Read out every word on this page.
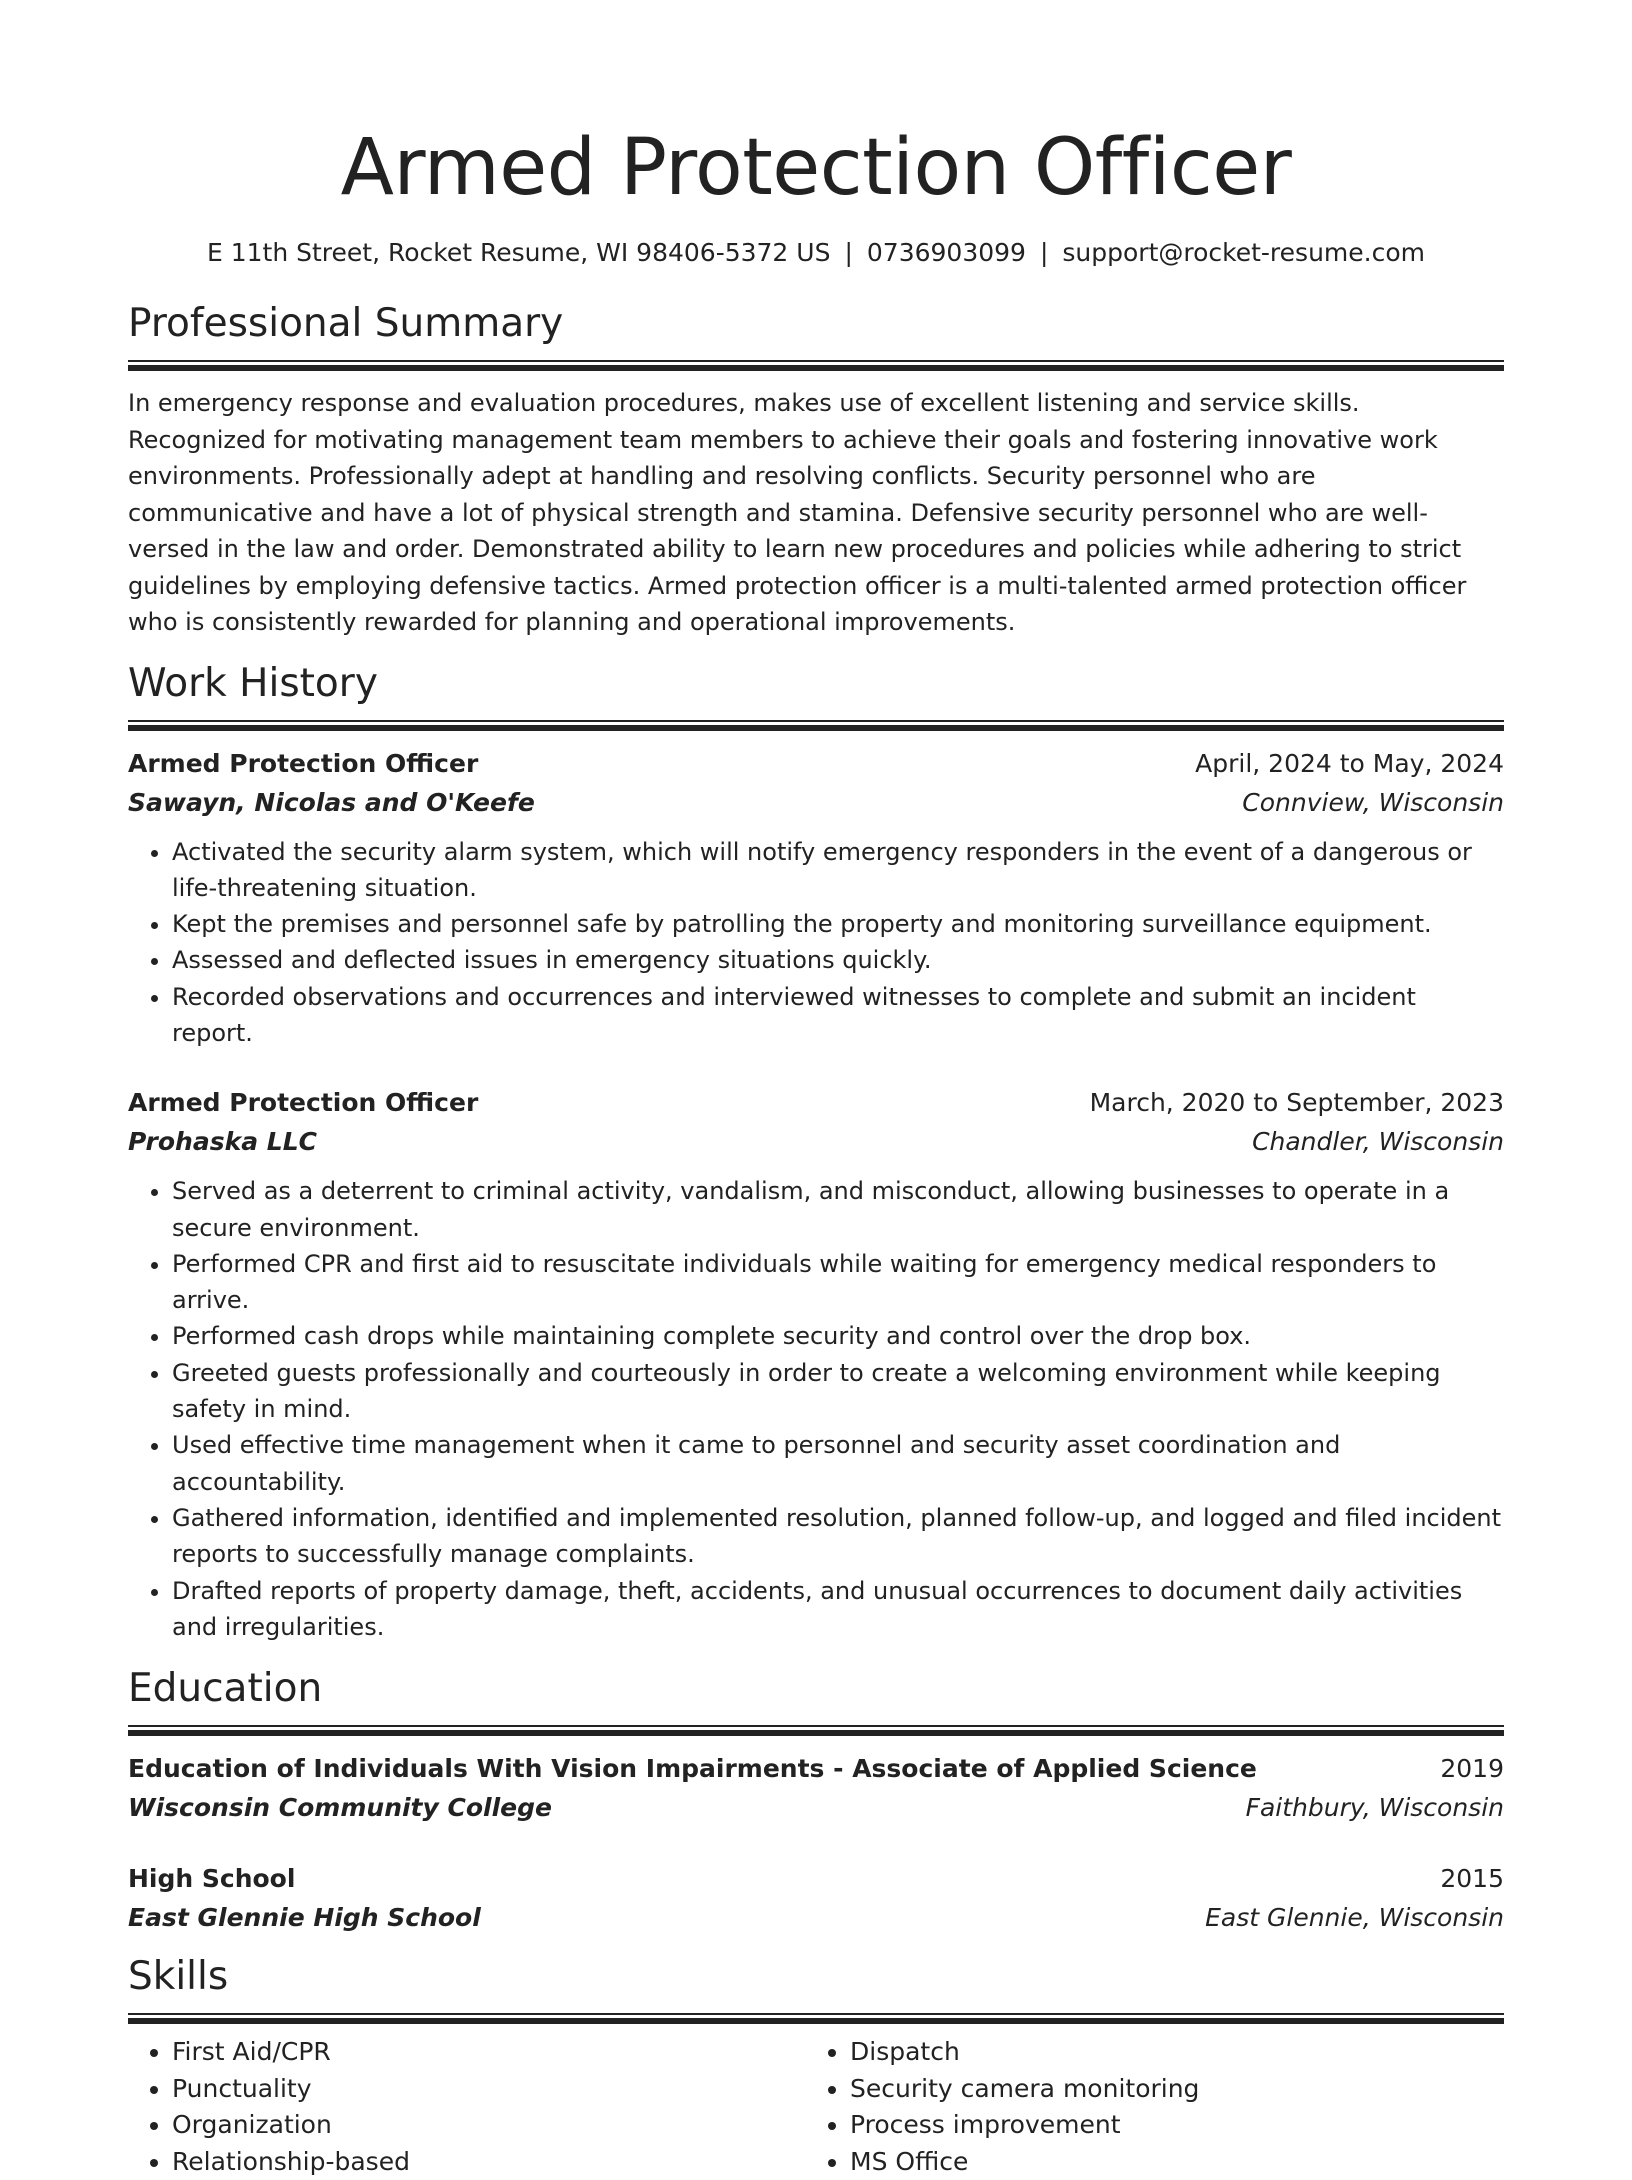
Armed Protection Officer
E 11th Street, Rocket Resume, WI 98406-5372 US | 0736903099 | support@rocket-resume.com
Professional Summary
In emergency response and evaluation procedures, makes use of excellent listening and service skills. Recognized for motivating management team members to achieve their goals and fostering innovative work environments. Professionally adept at handling and resolving conflicts. Security personnel who are communicative and have a lot of physical strength and stamina. Defensive security personnel who are well-versed in the law and order. Demonstrated ability to learn new procedures and policies while adhering to strict guidelines by employing defensive tactics. Armed protection officer is a multi-talented armed protection officer who is consistently rewarded for planning and operational improvements.
Work History
Armed Protection Officer	April, 2024 to May, 2024
Sawayn, Nicolas and O'Keefe	Connview, Wisconsin
• Activated the security alarm system, which will notify emergency responders in the event of a dangerous or life-threatening situation.
• Kept the premises and personnel safe by patrolling the property and monitoring surveillance equipment.
• Assessed and deflected issues in emergency situations quickly.
• Recorded observations and occurrences and interviewed witnesses to complete and submit an incident report.
Armed Protection Officer	March, 2020 to September, 2023
Prohaska LLC	Chandler, Wisconsin
• Served as a deterrent to criminal activity, vandalism, and misconduct, allowing businesses to operate in a secure environment.
• Performed CPR and first aid to resuscitate individuals while waiting for emergency medical responders to arrive.
• Performed cash drops while maintaining complete security and control over the drop box.
• Greeted guests professionally and courteously in order to create a welcoming environment while keeping safety in mind.
• Used effective time management when it came to personnel and security asset coordination and accountability.
• Gathered information, identified and implemented resolution, planned follow-up, and logged and filed incident reports to successfully manage complaints.
• Drafted reports of property damage, theft, accidents, and unusual occurrences to document daily activities and irregularities.
Education
Education of Individuals With Vision Impairments - Associate of Applied Science	2019
Wisconsin Community College	Faithbury, Wisconsin
High School	2015
East Glennie High School	East Glennie, Wisconsin
Skills
• First Aid/CPR
• Punctuality
• Organization
• Relationship-based
• Dispatch
• Security camera monitoring
• Process improvement
• MS Office
